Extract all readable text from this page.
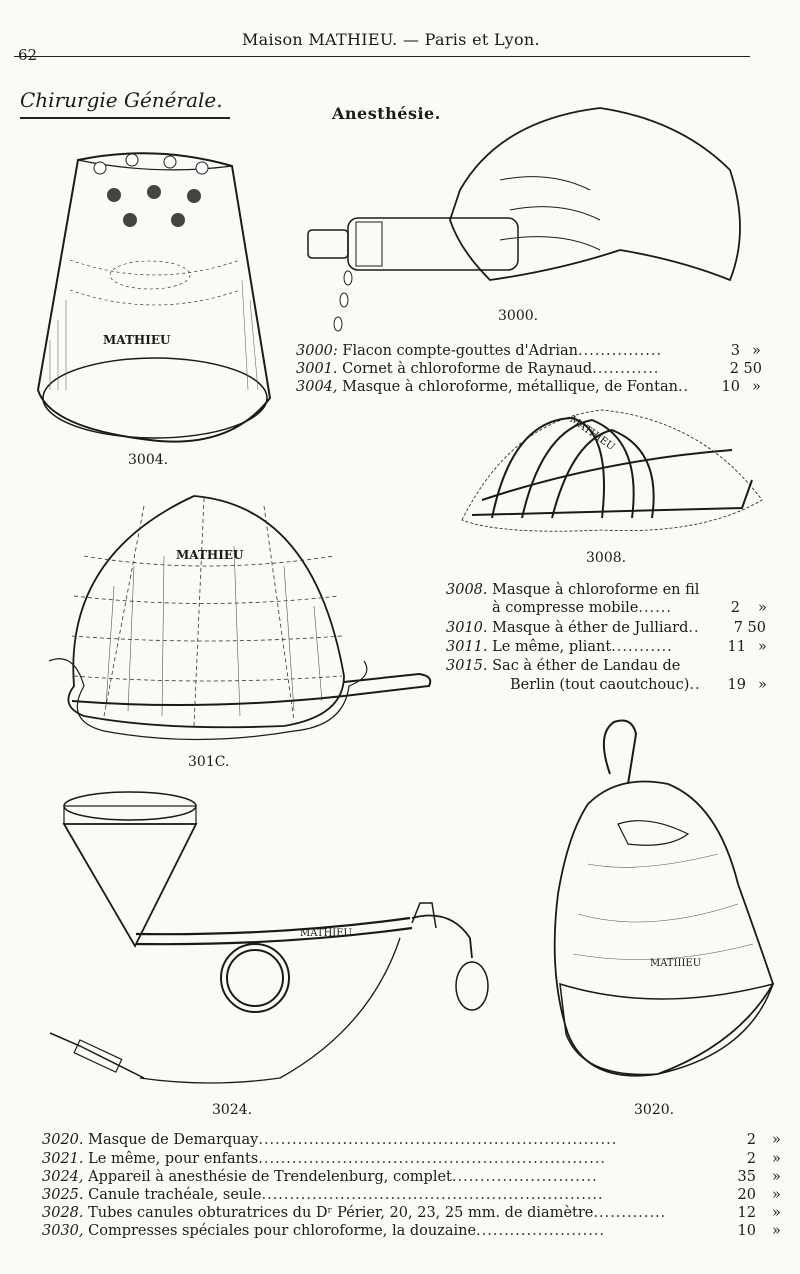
62
Maison MATHIEU. — Paris et Lyon.
Chirurgie Générale.
Anesthésie.
MATHIEU
3004.
3000.
3000: Flacon compte-gouttes d'Adrian...............	3 »
3001. Cornet à chloroforme de Raynaud............	2 50
3004, Masque à chloroforme, métallique, de Fontan..	10 »
MATHIEU
3008.
3008. Masque à chloroforme en fil
à compresse mobile......	2 »
3010. Masque à éther de Julliard..	7 50
3011. Le même, pliant...........	11 »
3015. Sac à éther de Landau de
Berlin (tout caoutchouc)..	19 »
MATHIEU
301C.
MATHIEU
3024.
MATIIIEU
3020.
3020. Masque de Demarquay................................................................	2 »
3021. Le même, pour enfants..............................................................	2 »
3024, Appareil à anesthésie de Trendelenburg, complet..........................	35 »
3025. Canule trachéale, seule.............................................................	20 »
3028. Tubes canules obturatrices du Dʳ Périer, 20, 23, 25 mm. de diamètre.............	12 »
3030, Compresses spéciales pour chloroforme, la douzaine.......................	10 »
